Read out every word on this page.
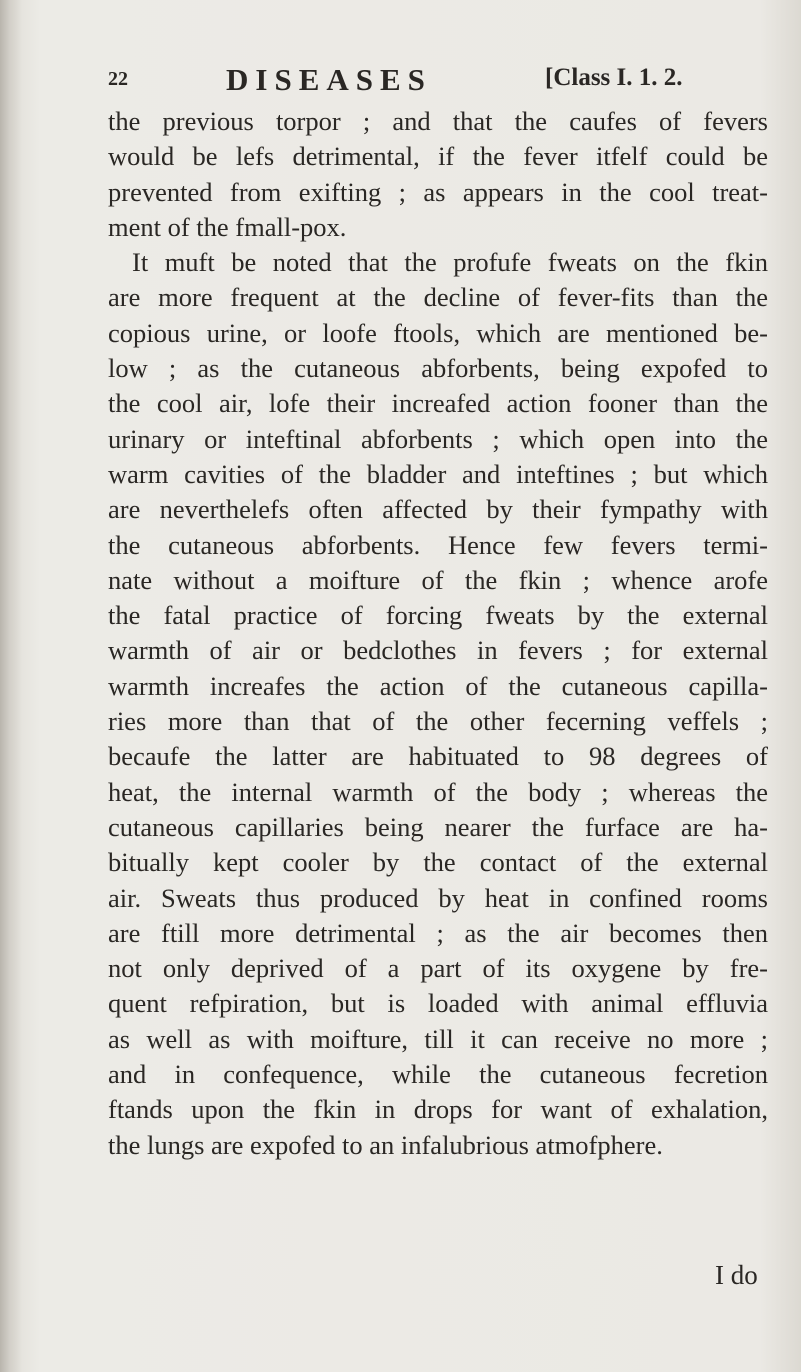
22	DISEASES	[Class I. 1. 2.
the previous torpor ; and that the caufes of fevers
would be lefs detrimental, if the fever itfelf could be
prevented from exifting ; as appears in the cool treat-
ment of the fmall-pox.
It muft be noted that the profufe fweats on the fkin
are more frequent at the decline of fever-fits than the
copious urine, or loofe ftools, which are mentioned be-
low ; as the cutaneous abforbents, being expofed to
the cool air, lofe their increafed action fooner than the
urinary or inteftinal abforbents ; which open into the
warm cavities of the bladder and inteftines ; but which
are neverthelefs often affected by their fympathy with
the cutaneous abforbents. Hence few fevers termi-
nate without a moifture of the fkin ; whence arofe
the fatal practice of forcing fweats by the external
warmth of air or bedclothes in fevers ; for external
warmth increafes the action of the cutaneous capilla-
ries more than that of the other fecerning veffels ;
becaufe the latter are habituated to 98 degrees of
heat, the internal warmth of the body ; whereas the
cutaneous capillaries being nearer the furface are ha-
bitually kept cooler by the contact of the external
air. Sweats thus produced by heat in confined rooms
are ftill more detrimental ; as the air becomes then
not only deprived of a part of its oxygene by fre-
quent refpiration, but is loaded with animal effluvia
as well as with moifture, till it can receive no more ;
and in confequence, while the cutaneous fecretion
ftands upon the fkin in drops for want of exhalation,
the lungs are expofed to an infalubrious atmofphere.
I do
